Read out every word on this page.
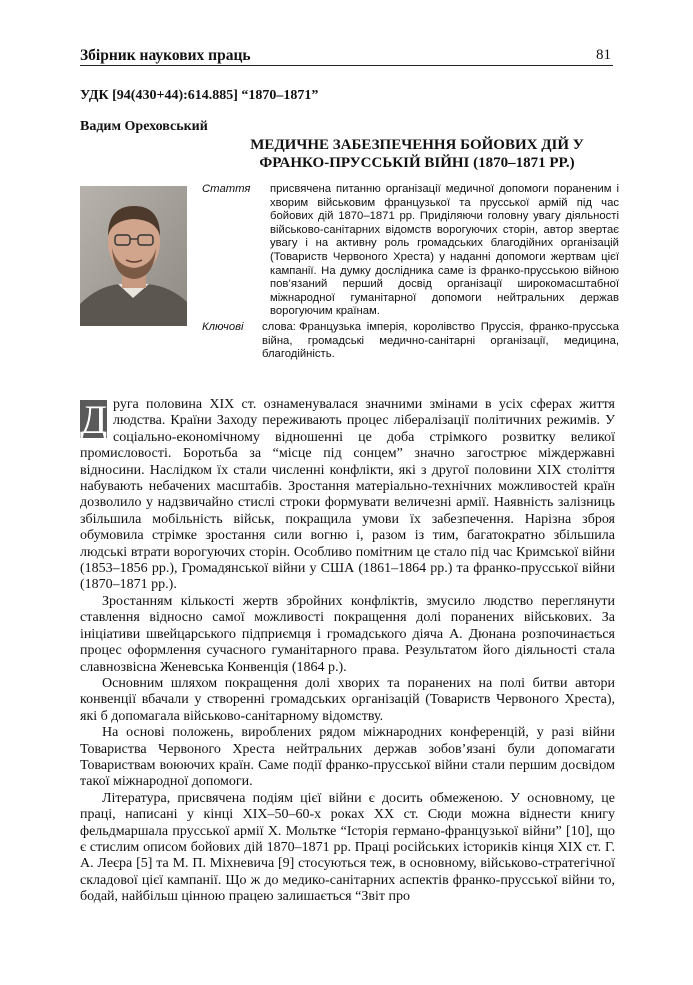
Збірник наукових праць	81
УДК [94(430+44):614.885] “1870–1871”
Вадим Ореховський
МЕДИЧНЕ ЗАБЕЗПЕЧЕННЯ БОЙОВИХ ДІЙ У
ФРАНКО-ПРУССЬКІЙ ВІЙНІ (1870–1871 РР.)
Стаття	присвячена питанню організації медичної допомоги пораненим і хворим військовим французької та прусської армій під час бойових дій 1870–1871 рр. Приділяючи головну увагу діяльності військово-санітарних відомств ворогуючих сторін, автор звертає увагу і на активну роль громадських благодійних організацій (Товариств Червоного Хреста) у наданні допомоги жертвам цієї кампанії. На думку дослідника саме із франко-прусською війною пов’язаний перший досвід організації широкомасштабної міжнародної гуманітарної допомоги нейтральних держав ворогуючим країнам.
Ключові	слова: Французька імперія, королівство Пруссія, франко-прусська війна, громадські медично-санітарні організації, медицина, благодійність.

Д руга половина XIX ст. ознаменувалася значними змінами в усіх сферах життя людства. Країни Заходу переживають процес лібералізації політичних режимів. У соціально-економічному відношенні це доба стрімкого розвитку великої промисловості. Боротьба за “місце під сонцем” значно загострює міждержавні відносини. Наслідком їх стали численні конфлікти, які з другої половини XIX століття набувають небачених масштабів. Зростання матеріально-технічних можливостей країн дозволило у надзвичайно стислі строки формувати величезні армії. Наявність залізниць збільшила мобільність військ, покращила умови їх забезпечення. Нарізна зброя обумовила стрімке зростання сили вогню і, разом із тим, багатократно збільшила людські втрати ворогуючих сторін. Особливо помітним це стало під час Кримської війни (1853–1856 рр.), Громадянської війни у США (1861–1864 рр.) та франко-прусської війни (1870–1871 рр.).

Зростанням кількості жертв збройних конфліктів, змусило людство переглянути ставлення відносно самої можливості покращення долі поранених військових. За ініціативи швейцарського підприємця і громадського діяча А. Дюнана розпочинається процес оформлення сучасного гуманітарного права. Результатом його діяльності стала славнозвісна Женевська Конвенція (1864 р.).

Основним шляхом покращення долі хворих та поранених на полі битви автори конвенції вбачали у створенні громадських організацій (Товариств Червоного Хреста), які б допомагала військово-санітарному відомству.

На основі положень, вироблених рядом міжнародних конференцій, у разі війни Товариства Червоного Хреста нейтральних держав зобов’язані були допомагати Товариствам воюючих країн. Саме події франко-прусської війни стали першим досвідом такої міжнародної допомоги.

Література, присвячена подіям цієї війни є досить обмеженою. У основному, це праці, написані у кінці XIX–50–60-х роках XX ст. Сюди можна віднести книгу фельдмаршала прусської армії Х. Мольтке “Історія германо-французької війни” [10], що є стислим описом бойових дій 1870–1871 рр. Праці російських істориків кінця XIX ст. Г. А. Леєра [5] та М. П. Міхневича [9] стосуються теж, в основному, військово-стратегічної складової цієї кампанії. Що ж до медико-санітарних аспектів франко-прусської війни то, бодай, найбільш цінною працею залишається “Звіт про
